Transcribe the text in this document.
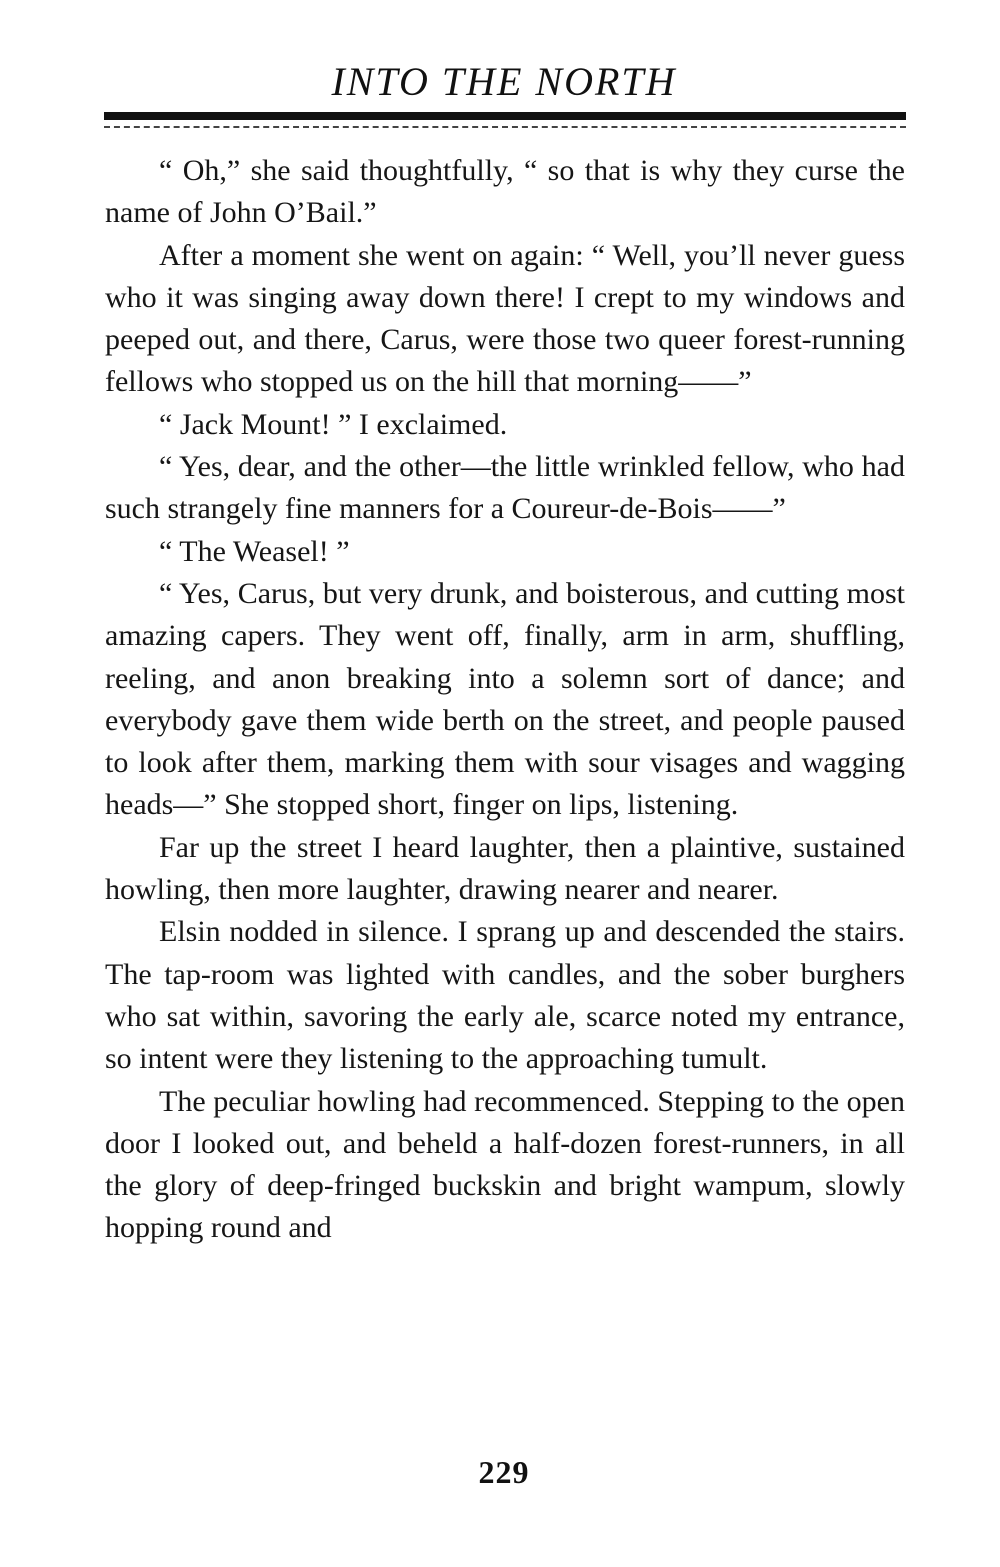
INTO THE NORTH

“ Oh,” she said thoughtfully, “ so that is why they curse the name of John O’Bail.”

After a moment she went on again: “ Well, you’ll never guess who it was singing away down there! I crept to my windows and peeped out, and there, Carus, were those two queer forest-running fellows who stopped us on the hill that morning——”

“ Jack Mount! ” I exclaimed.

“ Yes, dear, and the other—the little wrinkled fellow, who had such strangely fine manners for a Coureur-de-Bois——”

“ The Weasel! ”

“ Yes, Carus, but very drunk, and boisterous, and cutting most amazing capers. They went off, finally, arm in arm, shuffling, reeling, and anon breaking into a solemn sort of dance; and everybody gave them wide berth on the street, and people paused to look after them, marking them with sour visages and wagging heads—” She stopped short, finger on lips, listening.

Far up the street I heard laughter, then a plaintive, sustained howling, then more laughter, drawing nearer and nearer.

Elsin nodded in silence. I sprang up and descended the stairs. The tap-room was lighted with candles, and the sober burghers who sat within, savoring the early ale, scarce noted my entrance, so intent were they listening to the approaching tumult.

The peculiar howling had recommenced. Stepping to the open door I looked out, and beheld a half-dozen forest-runners, in all the glory of deep-fringed buckskin and bright wampum, slowly hopping round and

229
